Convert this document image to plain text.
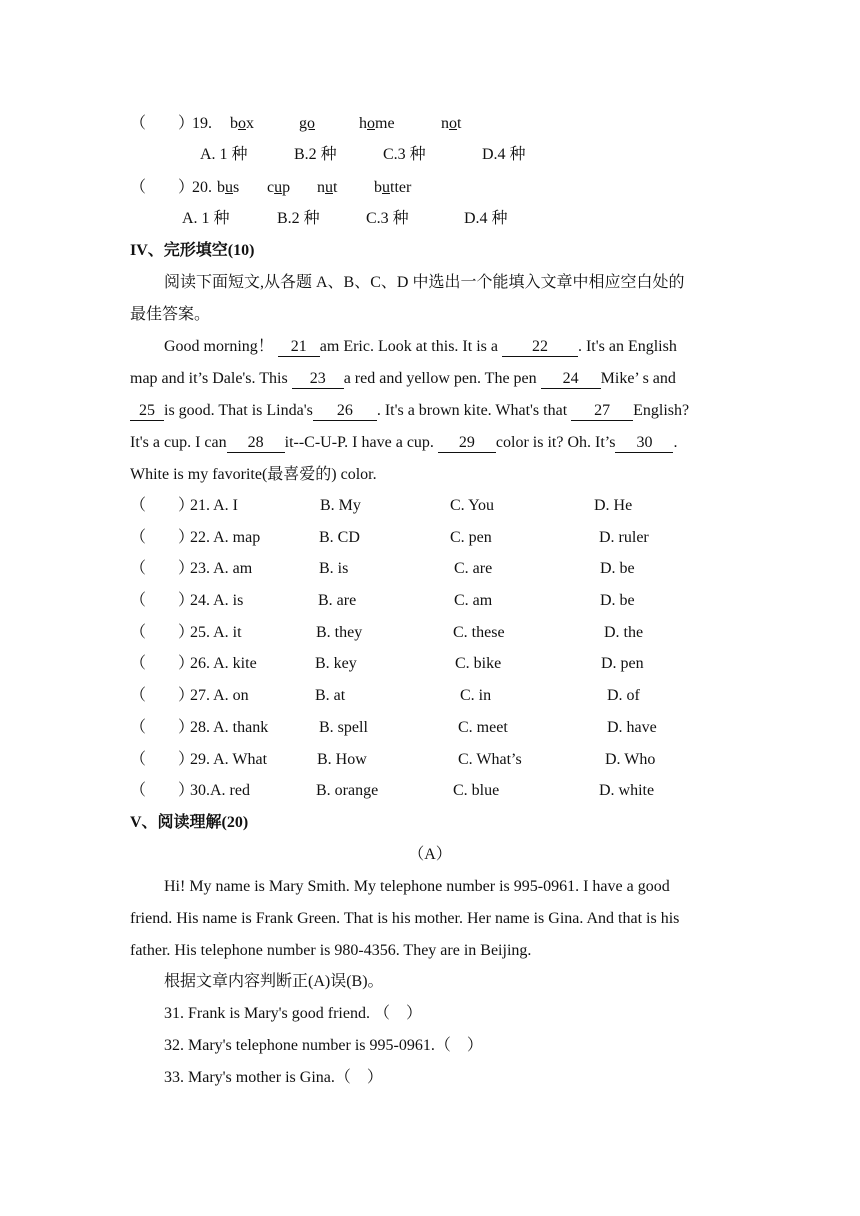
（　　）
19. box	go	home	not
A. 1 种	B.2 种	C.3 种	D.4 种
（　　）
20. bus cup nut butter
A. 1 种	B.2 种	C.3 种	D.4 种
IV、完形填空(10)
阅读下面短文,从各题 A、B、C、D 中选出一个能填入文章中相应空白处的
最佳答案。
Good morning！ 21 am Eric. Look at this. It is a 22 . It's an English
map and it’s Dale's. This 23 a red and yellow pen. The pen 24 Mike’ s and
25 is good. That is Linda's 26 . It's a brown kite. What's that 27 English?
It's a cup. I can 28 it--C-U-P. I have a cup. 29 color is it? Oh. It’s 30 .
White is my favorite(最喜爱的) color.
（　　）
21. A. I	B. My	C. You	D. He
（　　）
22. A. map	B. CD	C. pen	D. ruler
（　　）
23. A. am	B. is	C. are	D. be
（　　）
24. A. is	B. are	C. am	D. be
（　　）
25. A. it	B. they	C. these	D. the
（　　）
26. A. kite	B. key	C. bike	D. pen
（　　）
27. A. on	B. at	C. in	D. of
（　　）
28. A. thank	B. spell	C. meet	D. have
（　　）
29. A. What	B. How	C. What’s	D. Who
（　　）
30.A. red	B. orange	C. blue	D. white
V、阅读理解(20)
（A）
Hi! My name is Mary Smith. My telephone number is 995-0961. I have a good
friend. His name is Frank Green. That is his mother. Her name is Gina. And that is his
father. His telephone number is 980-4356. They are in Beijing.
根据文章内容判断正(A)误(B)。
31. Frank is Mary's good friend. （　）
32. Mary's telephone number is 995-0961.（　）
33. Mary's mother is Gina.（　）
